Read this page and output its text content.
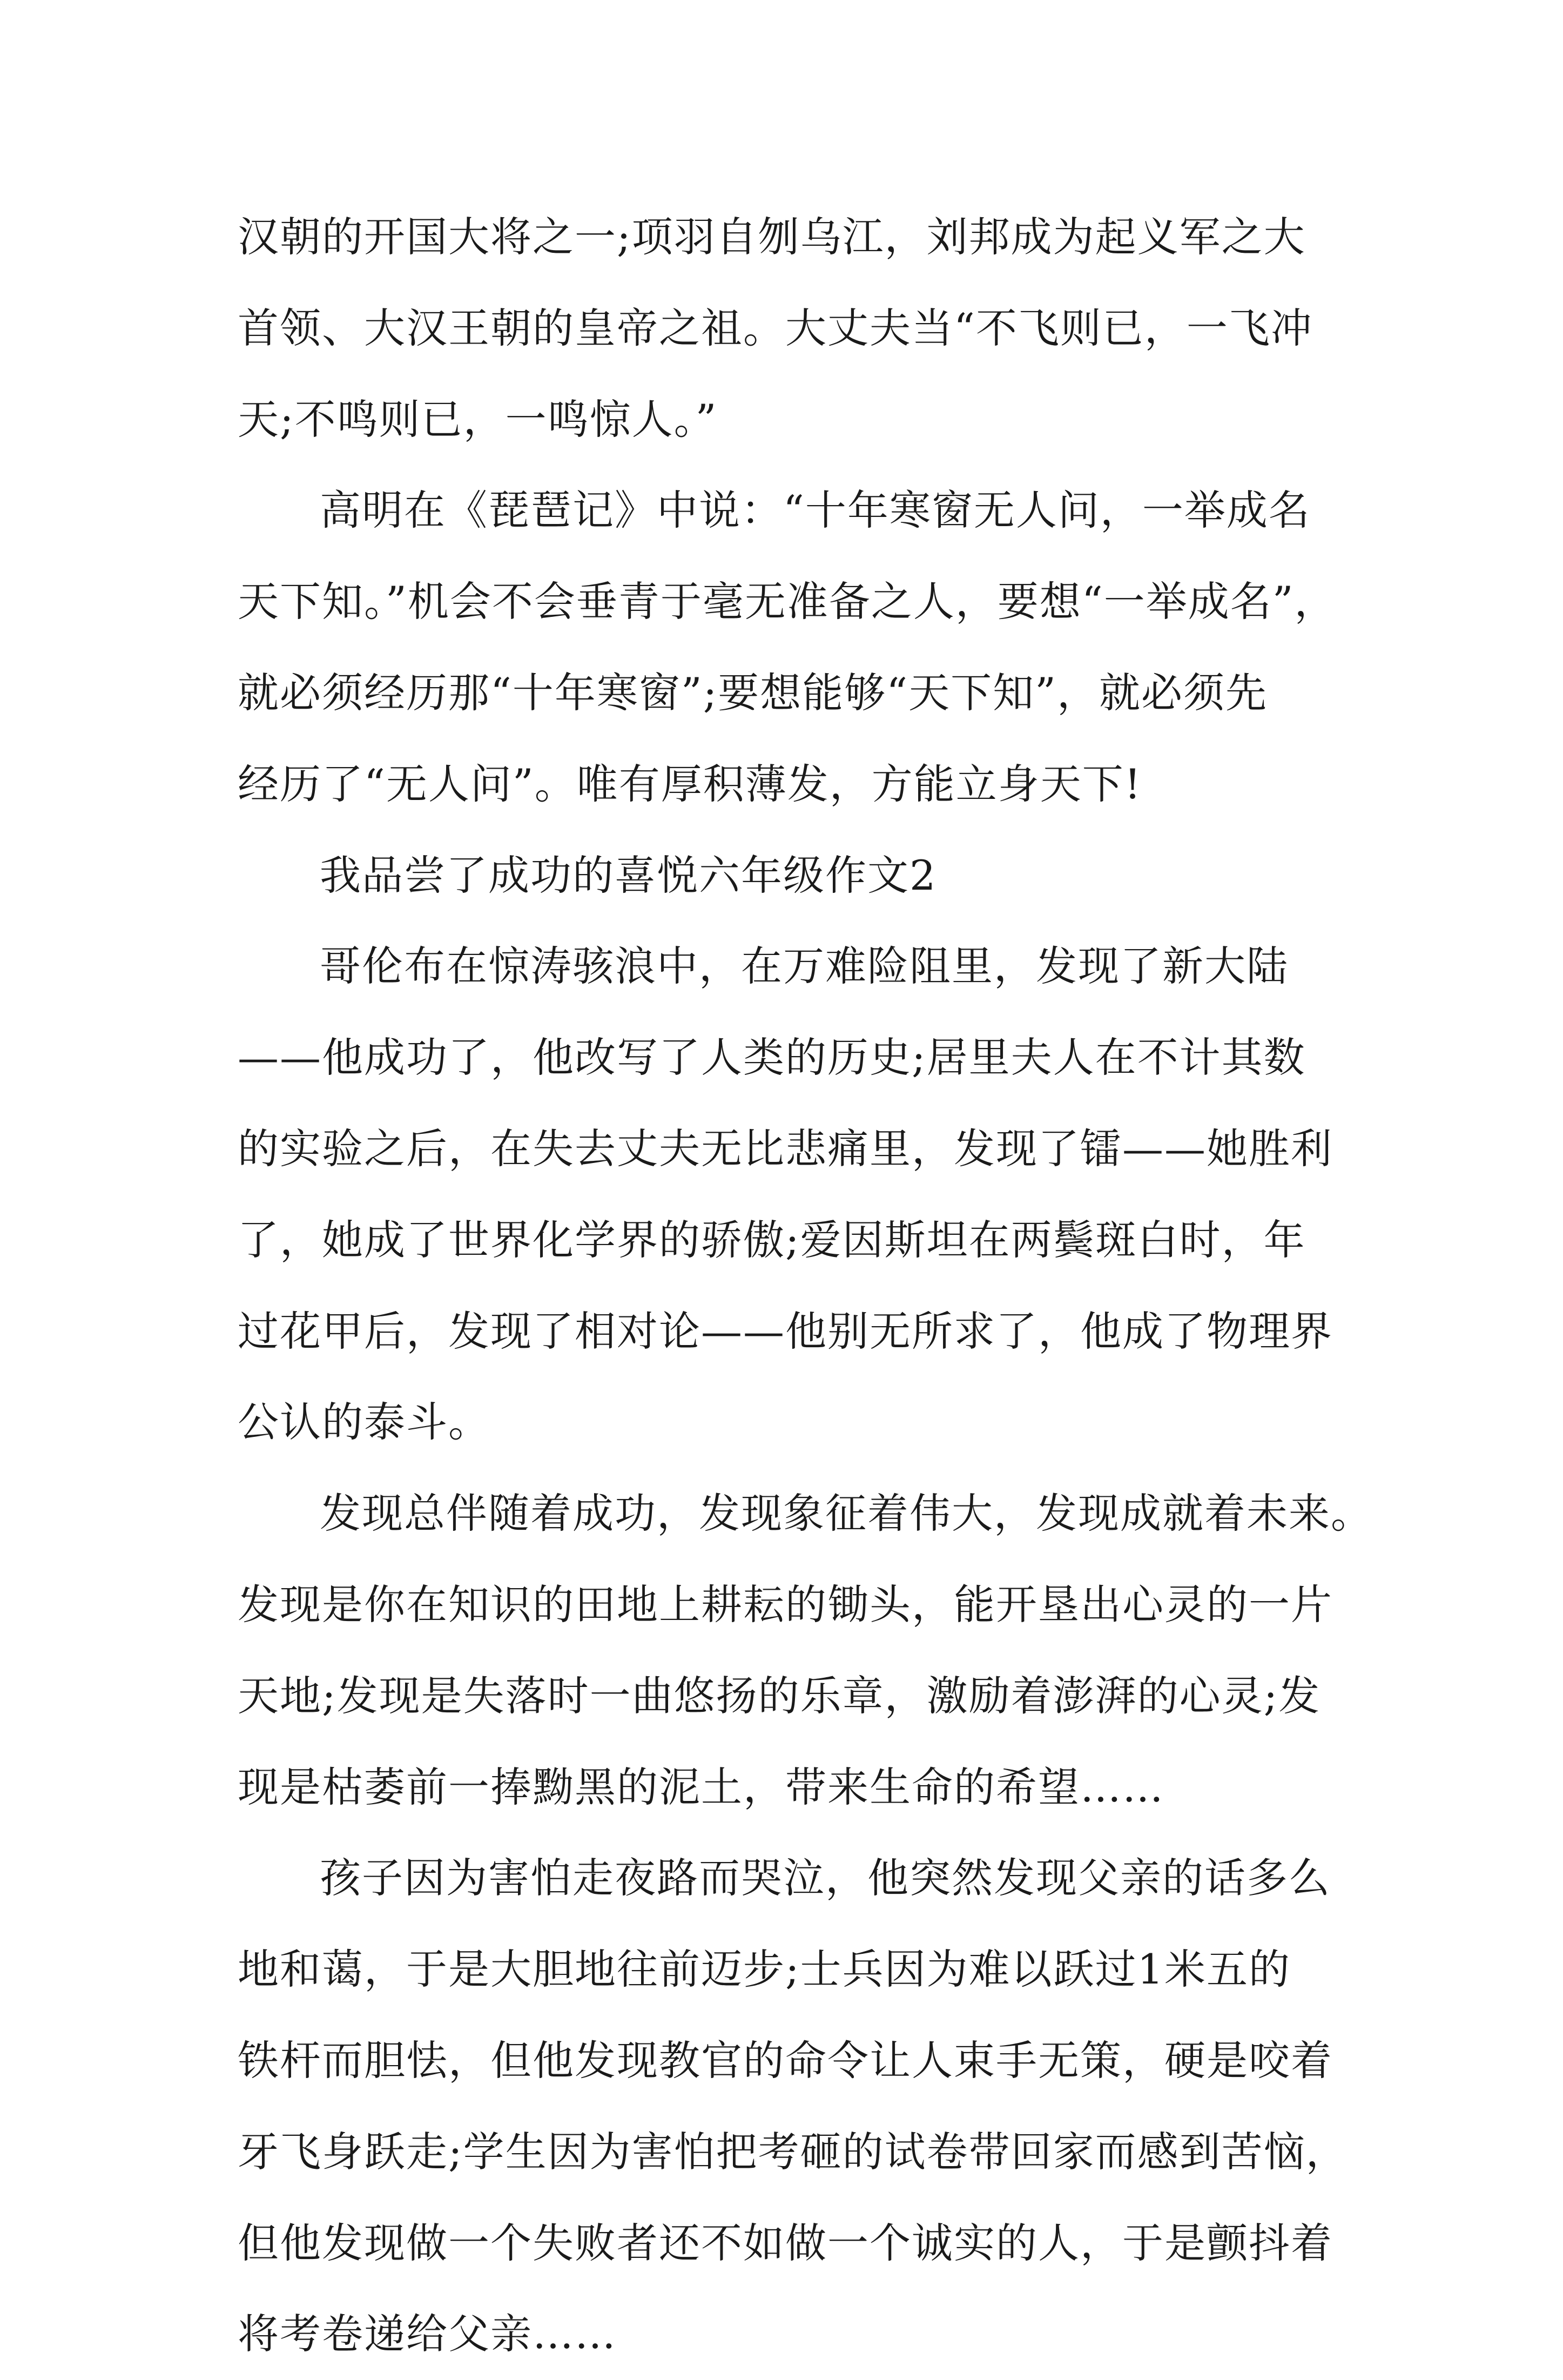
汉朝的开国大将之一;项羽自刎乌江，刘邦成为起义军之大
首领、大汉王朝的皇帝之祖。大丈夫当“不飞则已，一飞冲
天;不鸣则已，一鸣惊人。”
高明在《琵琶记》中说：“十年寒窗无人问，一举成名
天下知。”机会不会垂青于毫无准备之人，要想“一举成名”，
就必须经历那“十年寒窗”;要想能够“天下知”，就必须先
经历了“无人问”。唯有厚积薄发，方能立身天下!
我品尝了成功的喜悦六年级作文2
哥伦布在惊涛骇浪中，在万难险阻里，发现了新大陆
——他成功了，他改写了人类的历史;居里夫人在不计其数
的实验之后，在失去丈夫无比悲痛里，发现了镭——她胜利
了，她成了世界化学界的骄傲;爱因斯坦在两鬓斑白时，年
过花甲后，发现了相对论——他别无所求了，他成了物理界
公认的泰斗。
发现总伴随着成功，发现象征着伟大，发现成就着未来。
发现是你在知识的田地上耕耘的锄头，能开垦出心灵的一片
天地;发现是失落时一曲悠扬的乐章，激励着澎湃的心灵;发
现是枯萎前一捧黝黑的泥土，带来生命的希望……
孩子因为害怕走夜路而哭泣，他突然发现父亲的话多么
地和蔼，于是大胆地往前迈步;士兵因为难以跃过1米五的
铁杆而胆怯，但他发现教官的命令让人束手无策，硬是咬着
牙飞身跃走;学生因为害怕把考砸的试卷带回家而感到苦恼，
但他发现做一个失败者还不如做一个诚实的人，于是颤抖着
将考卷递给父亲……
